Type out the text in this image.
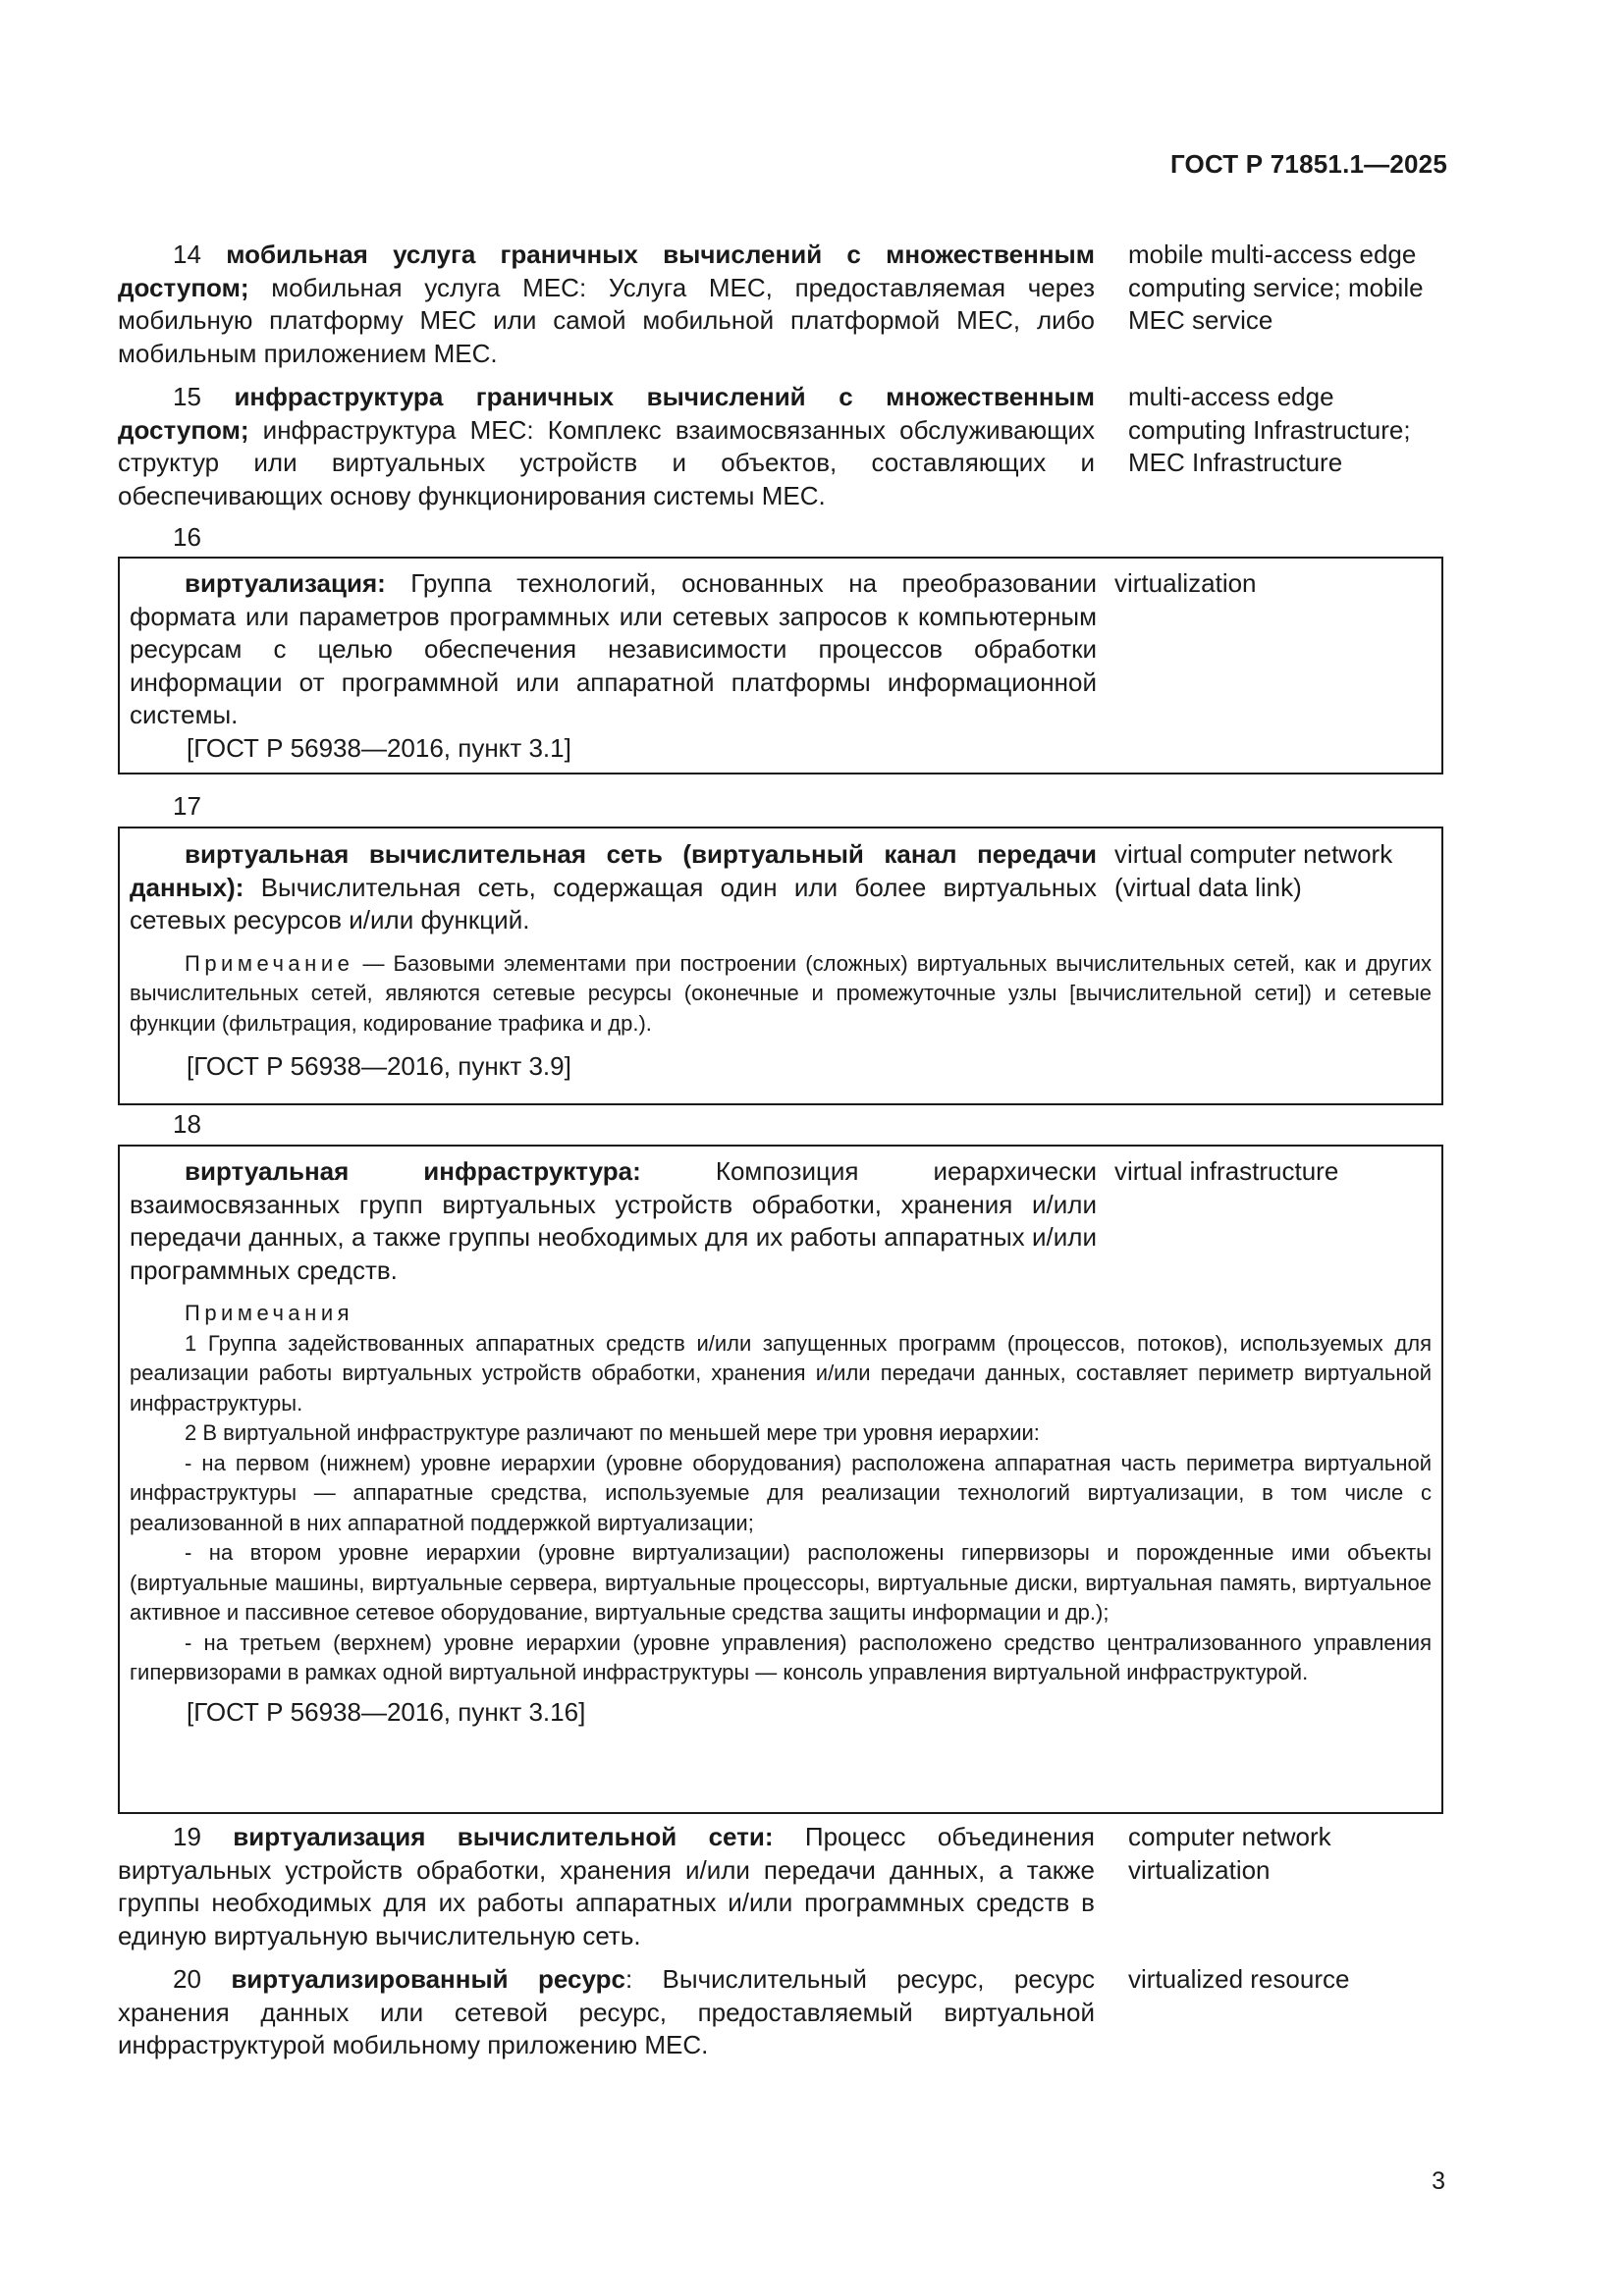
ГОСТ Р 71851.1—2025
14 мобильная услуга граничных вычислений с множественным доступом; мобильная услуга МЕС: Услуга МЕС, предоставляемая через мобильную платформу МЕС или самой мобильной платформой МЕС, либо мобильным приложением МЕС.
mobile multi-access edge computing service; mobile MEC service
15 инфраструктура граничных вычислений с множественным доступом; инфраструктура МЕС: Комплекс взаимосвязанных обслуживающих структур или виртуальных устройств и объектов, составляющих и обеспечивающих основу функционирования системы МЕС.
multi-access edge computing Infrastructure; MEC Infrastructure
16
виртуализация: Группа технологий, основанных на преобразовании формата или параметров программных или сетевых запросов к компьютерным ресурсам с целью обеспечения независимости процессов обработки информации от программной или аппаратной платформы информационной системы.
virtualization
[ГОСТ Р 56938—2016, пункт 3.1]
17
виртуальная вычислительная сеть (виртуальный канал передачи данных): Вычислительная сеть, содержащая один или более виртуальных сетевых ресурсов и/или функций.
virtual computer network (virtual data link)
Примечание — Базовыми элементами при построении (сложных) виртуальных вычислительных сетей, как и других вычислительных сетей, являются сетевые ресурсы (оконечные и промежуточные узлы [вычислительной сети]) и сетевые функции (фильтрация, кодирование трафика и др.).
[ГОСТ Р 56938—2016, пункт 3.9]
18
виртуальная инфраструктура:	Композиция иерархически взаимосвязанных групп виртуальных устройств обработки, хранения и/или передачи данных, а также группы необходимых для их работы аппаратных и/или программных средств.
virtual infrastructure
Примечания
1 Группа задействованных аппаратных средств и/или запущенных программ (процессов, потоков), используемых для реализации работы виртуальных устройств обработки, хранения и/или передачи данных, составляет периметр виртуальной инфраструктуры.
2 В виртуальной инфраструктуре различают по меньшей мере три уровня иерархии:
- на первом (нижнем) уровне иерархии (уровне оборудования) расположена аппаратная часть периметра виртуальной инфраструктуры — аппаратные средства, используемые для реализации технологий виртуализации, в том числе с реализованной в них аппаратной поддержкой виртуализации;
- на втором уровне иерархии (уровне виртуализации) расположены гипервизоры и порожденные ими объекты (виртуальные машины, виртуальные сервера, виртуальные процессоры, виртуальные диски, виртуальная память, виртуальное активное и пассивное сетевое оборудование, виртуальные средства защиты информации и др.);
- на третьем (верхнем) уровне иерархии (уровне управления) расположено средство централизованного управления гипервизорами в рамках одной виртуальной инфраструктуры — консоль управления виртуальной инфраструктурой.
[ГОСТ Р 56938—2016, пункт 3.16]
19 виртуализация вычислительной сети: Процесс объединения виртуальных устройств обработки, хранения и/или передачи данных, а также группы необходимых для их работы аппаратных и/или программных средств в единую виртуальную вычислительную сеть.
computer network virtualization
20 виртуализированный ресурс: Вычислительный ресурс, ресурс хранения данных или сетевой ресурс, предоставляемый виртуальной инфраструктурой мобильному приложению МЕС.
virtualized resource
3
